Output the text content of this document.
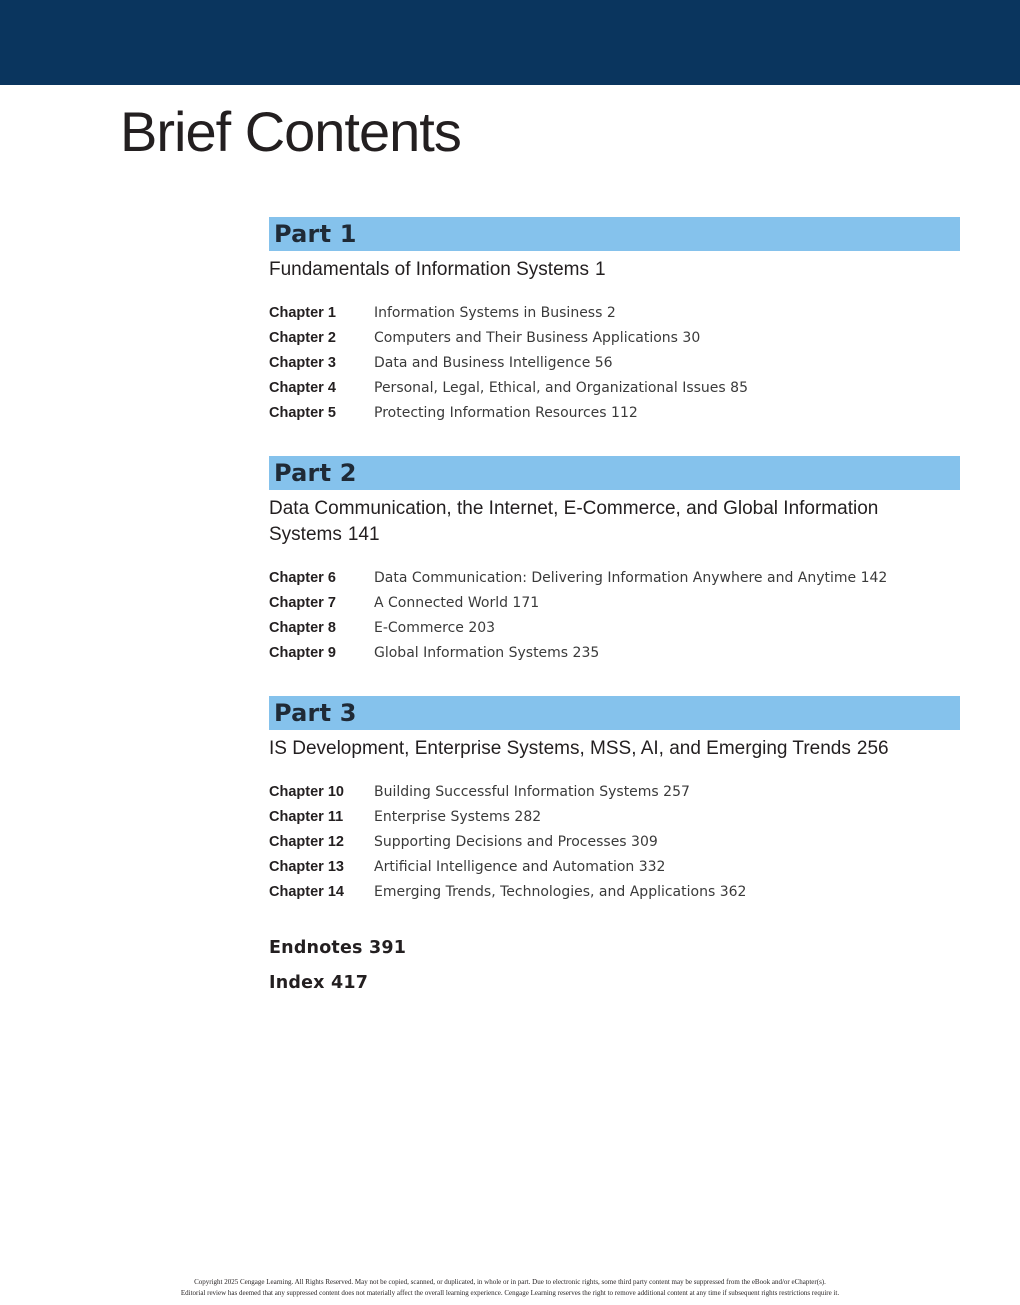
Brief Contents
Part 1

Fundamentals of Information Systems 1

Chapter 1	Information Systems in Business 2
Chapter 2	Computers and Their Business Applications 30
Chapter 3	Data and Business Intelligence 56
Chapter 4	Personal, Legal, Ethical, and Organizational Issues 85
Chapter 5	Protecting Information Resources 112
Part 2

Data Communication, the Internet, E-Commerce, and Global Information Systems 141

Chapter 6	Data Communication: Delivering Information Anywhere and Anytime 142
Chapter 7	A Connected World 171
Chapter 8	E-Commerce 203
Chapter 9	Global Information Systems 235
Part 3

IS Development, Enterprise Systems, MSS, AI, and Emerging Trends 256

Chapter 10	Building Successful Information Systems 257
Chapter 11	Enterprise Systems 282
Chapter 12	Supporting Decisions and Processes 309
Chapter 13	Artificial Intelligence and Automation 332
Chapter 14	Emerging Trends, Technologies, and Applications 362
Endnotes 391
Index 417
Copyright 2025 Cengage Learning. All Rights Reserved. May not be copied, scanned, or duplicated, in whole or in part. Due to electronic rights, some third party content may be suppressed from the eBook and/or eChapter(s).
Editorial review has deemed that any suppressed content does not materially affect the overall learning experience. Cengage Learning reserves the right to remove additional content at any time if subsequent rights restrictions require it.
